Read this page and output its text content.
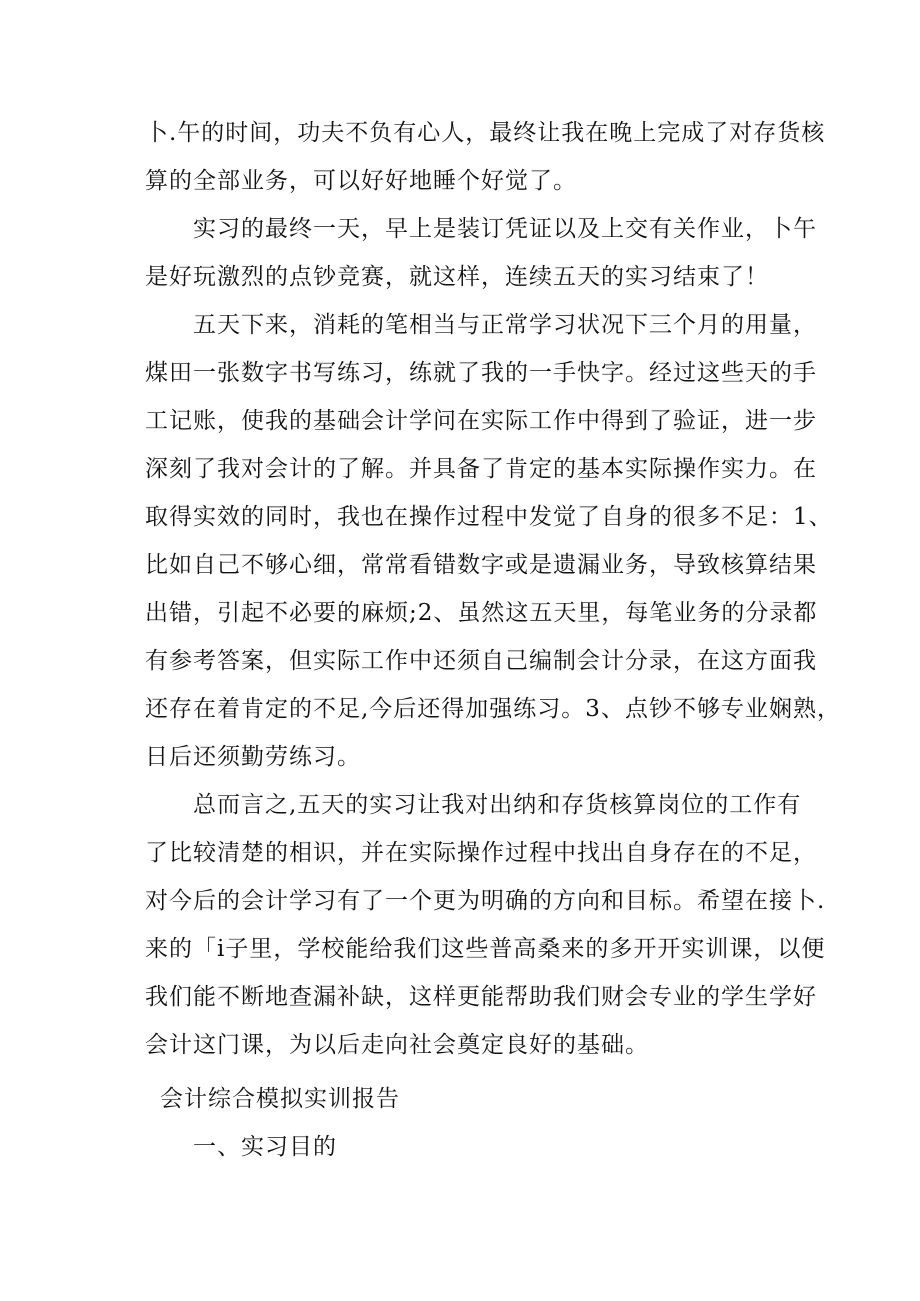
卜.午的时间，功夫不负有心人，最终让我在晚上完成了对存货核
算的全部业务，可以好好地睡个好觉了。
实习的最终一天，早上是装订凭证以及上交有关作业，卜午
是好玩激烈的点钞竞赛，就这样，连续五天的实习结束了！
五天下来，消耗的笔相当与正常学习状况下三个月的用量，
煤田一张数字书写练习，练就了我的一手快字。经过这些天的手
工记账，使我的基础会计学问在实际工作中得到了验证，进一步
深刻了我对会计的了解。并具备了肯定的基本实际操作实力。在
取得实效的同时，我也在操作过程中发觉了自身的很多不足：1、
比如自己不够心细，常常看错数字或是遗漏业务，导致核算结果
出错，引起不必要的麻烦;2、虽然这五天里，每笔业务的分录都
有参考答案，但实际工作中还须自己编制会计分录，在这方面我
还存在着肯定的不足,今后还得加强练习。3、点钞不够专业娴熟，
日后还须勤劳练习。
总而言之,五天的实习让我对出纳和存货核算岗位的工作有
了比较清楚的相识，并在实际操作过程中找出自身存在的不足，
对今后的会计学习有了一个更为明确的方向和目标。希望在接卜.
来的「i子里，学校能给我们这些普高桑来的多开开实训课，以便
我们能不断地查漏补缺，这样更能帮助我们财会专业的学生学好
会计这门课，为以后走向社会奠定良好的基础。
会计综合模拟实训报告
一、实习目的
